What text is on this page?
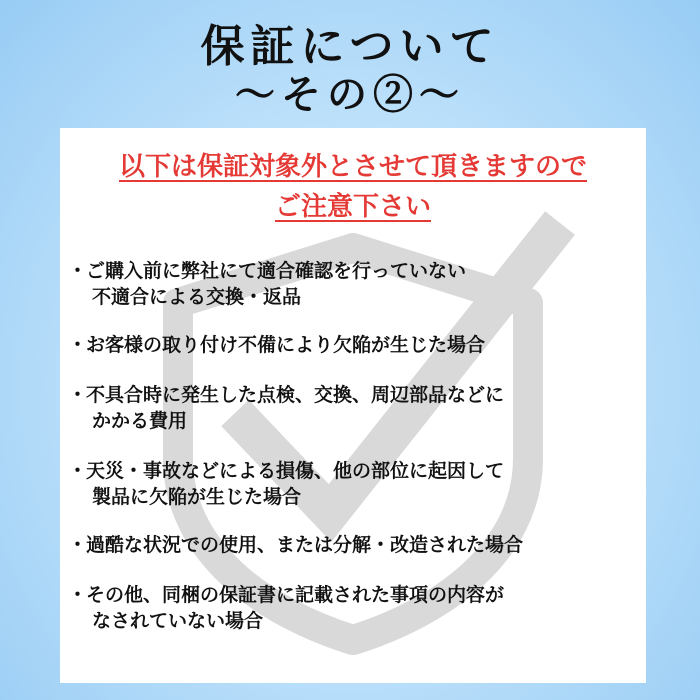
保証について
〜その②〜

以下は保証対象外とさせて頂きますので

ご注意下さい

・
ご購入前に弊社にて適合確認を行っていない
不適合による交換・返品
・
お客様の取り付け不備により欠陥が生じた場合
・
不具合時に発生した点検、交換、周辺部品などに
かかる費用
・
天災・事故などによる損傷、他の部位に起因して
製品に欠陥が生じた場合
・
過酷な状況での使用、または分解・改造された場合
・
その他、同梱の保証書に記載された事項の内容が
なされていない場合
